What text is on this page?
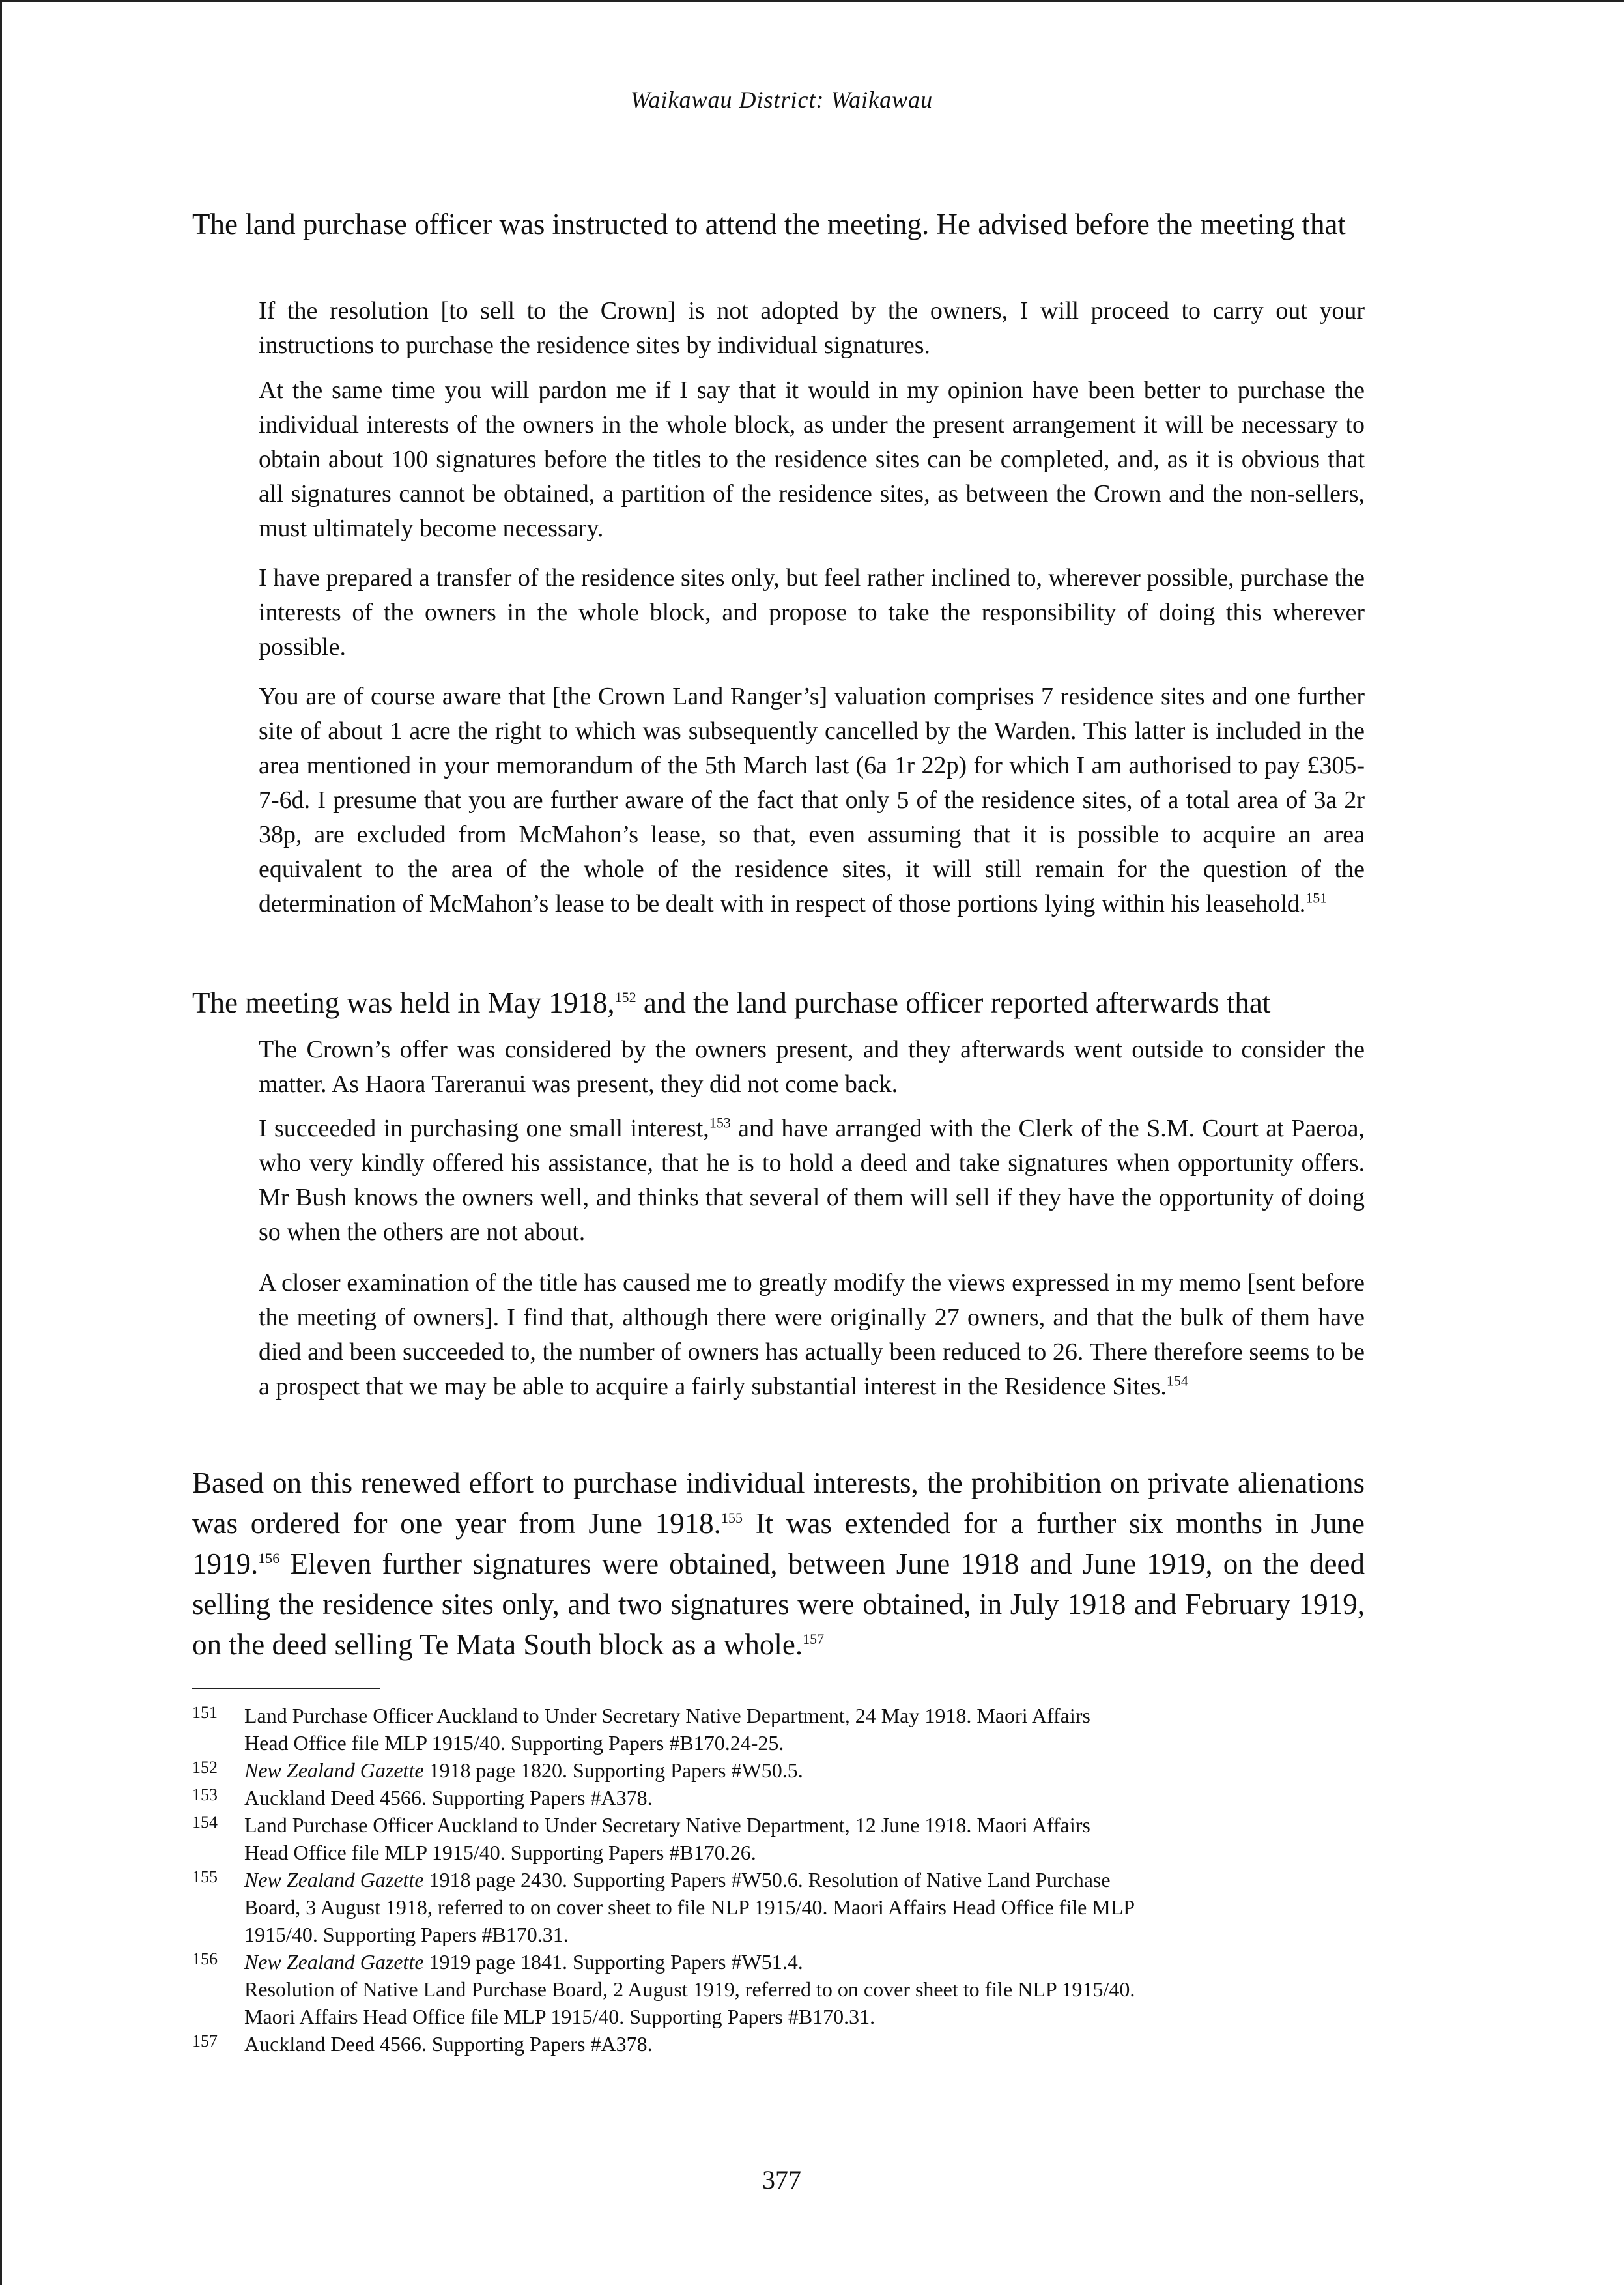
Waikawau District: Waikawau

The land purchase officer was instructed to attend the meeting. He advised before the meeting that

If the resolution [to sell to the Crown] is not adopted by the owners, I will proceed to carry out your instructions to purchase the residence sites by individual signatures.

At the same time you will pardon me if I say that it would in my opinion have been better to purchase the individual interests of the owners in the whole block, as under the present arrangement it will be necessary to obtain about 100 signatures before the titles to the residence sites can be completed, and, as it is obvious that all signatures cannot be obtained, a partition of the residence sites, as between the Crown and the non-sellers, must ultimately become necessary.

I have prepared a transfer of the residence sites only, but feel rather inclined to, wherever possible, purchase the interests of the owners in the whole block, and propose to take the responsibility of doing this wherever possible.

You are of course aware that [the Crown Land Ranger’s] valuation comprises 7 residence sites and one further site of about 1 acre the right to which was subsequently cancelled by the Warden. This latter is included in the area mentioned in your memorandum of the 5th March last (6a 1r 22p) for which I am authorised to pay £305-7-6d. I presume that you are further aware of the fact that only 5 of the residence sites, of a total area of 3a 2r 38p, are excluded from McMahon’s lease, so that, even assuming that it is possible to acquire an area equivalent to the area of the whole of the residence sites, it will still remain for the question of the determination of McMahon’s lease to be dealt with in respect of those portions lying within his leasehold.$^{151}$

The meeting was held in May 1918,$^{152}$ and the land purchase officer reported afterwards that

The Crown’s offer was considered by the owners present, and they afterwards went outside to consider the matter. As Haora Tareranui was present, they did not come back.

I succeeded in purchasing one small interest,$^{153}$ and have arranged with the Clerk of the S.M. Court at Paeroa, who very kindly offered his assistance, that he is to hold a deed and take signatures when opportunity offers. Mr Bush knows the owners well, and thinks that several of them will sell if they have the opportunity of doing so when the others are not about.

A closer examination of the title has caused me to greatly modify the views expressed in my memo [sent before the meeting of owners]. I find that, although there were originally 27 owners, and that the bulk of them have died and been succeeded to, the number of owners has actually been reduced to 26. There therefore seems to be a prospect that we may be able to acquire a fairly substantial interest in the Residence Sites.$^{154}$

Based on this renewed effort to purchase individual interests, the prohibition on private alienations was ordered for one year from June 1918.$^{155}$ It was extended for a further six months in June 1919.$^{156}$ Eleven further signatures were obtained, between June 1918 and June 1919, on the deed selling the residence sites only, and two signatures were obtained, in July 1918 and February 1919, on the deed selling Te Mata South block as a whole.$^{157}$

151 Land Purchase Officer Auckland to Under Secretary Native Department, 24 May 1918. Maori Affairs
Head Office file MLP 1915/40. Supporting Papers #B170.24-25.
152 New Zealand Gazette 1918 page 1820. Supporting Papers #W50.5.
153 Auckland Deed 4566. Supporting Papers #A378.
154 Land Purchase Officer Auckland to Under Secretary Native Department, 12 June 1918. Maori Affairs
Head Office file MLP 1915/40. Supporting Papers #B170.26.
155 New Zealand Gazette 1918 page 2430. Supporting Papers #W50.6. Resolution of Native Land Purchase
Board, 3 August 1918, referred to on cover sheet to file NLP 1915/40. Maori Affairs Head Office file MLP
1915/40. Supporting Papers #B170.31.
156 New Zealand Gazette 1919 page 1841. Supporting Papers #W51.4.
Resolution of Native Land Purchase Board, 2 August 1919, referred to on cover sheet to file NLP 1915/40.
Maori Affairs Head Office file MLP 1915/40. Supporting Papers #B170.31.
157 Auckland Deed 4566. Supporting Papers #A378.
377
